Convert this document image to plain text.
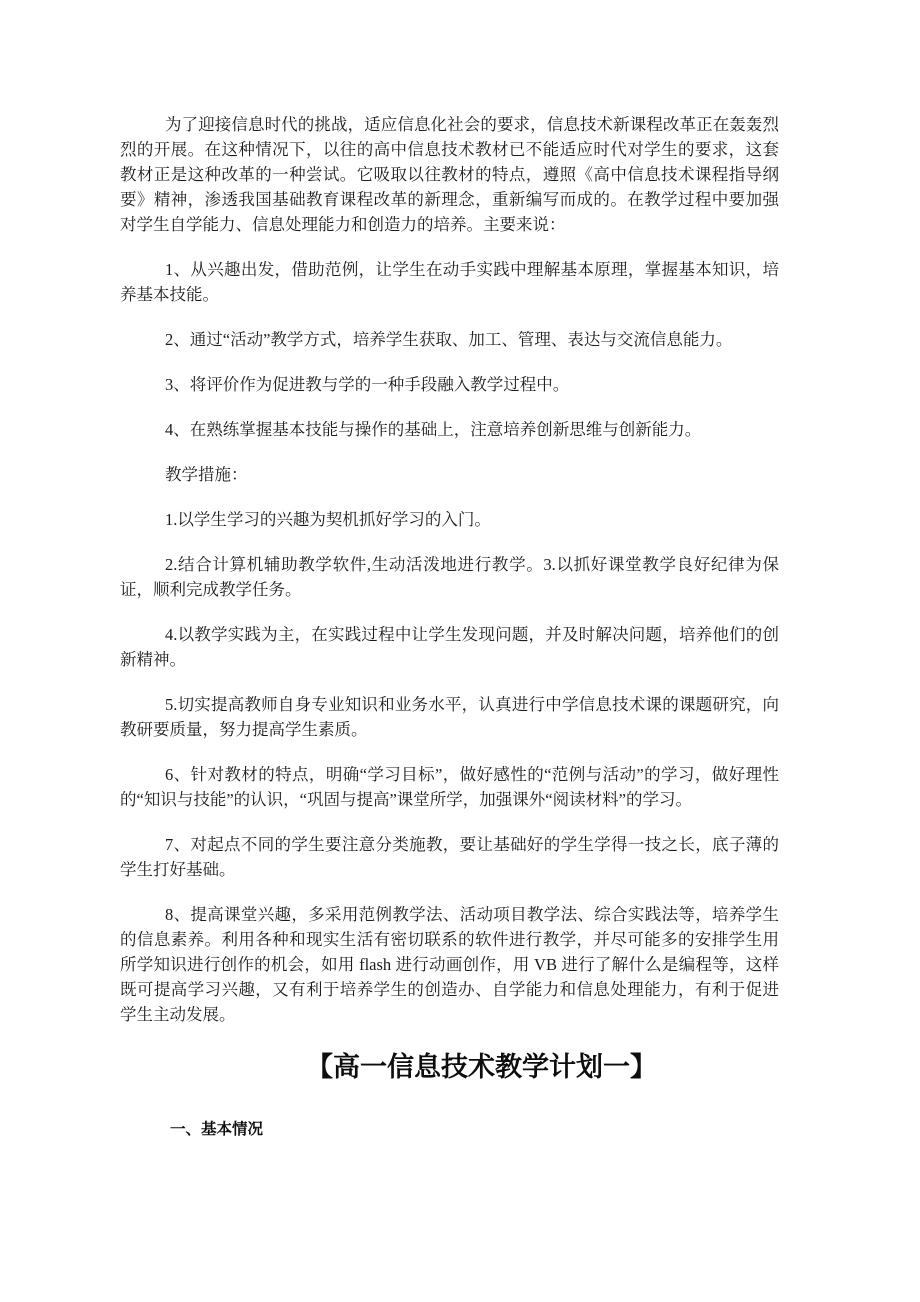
为了迎接信息时代的挑战，适应信息化社会的要求，信息技术新课程改革正在轰轰烈烈的开展。在这种情况下，以往的高中信息技术教材已不能适应时代对学生的要求，这套教材正是这种改革的一种尝试。它吸取以往教材的特点，遵照《高中信息技术课程指导纲要》精神，渗透我国基础教育课程改革的新理念，重新编写而成的。在教学过程中要加强对学生自学能力、信息处理能力和创造力的培养。主要来说：

1、从兴趣出发，借助范例，让学生在动手实践中理解基本原理，掌握基本知识，培养基本技能。

2、通过“活动”教学方式，培养学生获取、加工、管理、表达与交流信息能力。

3、将评价作为促进教与学的一种手段融入教学过程中。

4、在熟练掌握基本技能与操作的基础上，注意培养创新思维与创新能力。

教学措施：

1.以学生学习的兴趣为契机抓好学习的入门。

2.结合计算机辅助教学软件,生动活泼地进行教学。3.以抓好课堂教学良好纪律为保证，顺利完成教学任务。

4.以教学实践为主，在实践过程中让学生发现问题，并及时解决问题，培养他们的创新精神。

5.切实提高教师自身专业知识和业务水平，认真进行中学信息技术课的课题研究，向教研要质量，努力提高学生素质。

6、针对教材的特点，明确“学习目标”，做好感性的“范例与活动”的学习，做好理性的“知识与技能”的认识，“巩固与提高”课堂所学，加强课外“阅读材料”的学习。

7、对起点不同的学生要注意分类施教，要让基础好的学生学得一技之长，底子薄的学生打好基础。

8、提高课堂兴趣，多采用范例教学法、活动项目教学法、综合实践法等，培养学生的信息素养。利用各种和现实生活有密切联系的软件进行教学，并尽可能多的安排学生用所学知识进行创作的机会，如用 flash 进行动画创作，用 VB 进行了解什么是编程等，这样既可提高学习兴趣，又有利于培养学生的创造办、自学能力和信息处理能力，有利于促进学生主动发展。

【高一信息技术教学计划一】
一、基本情况
